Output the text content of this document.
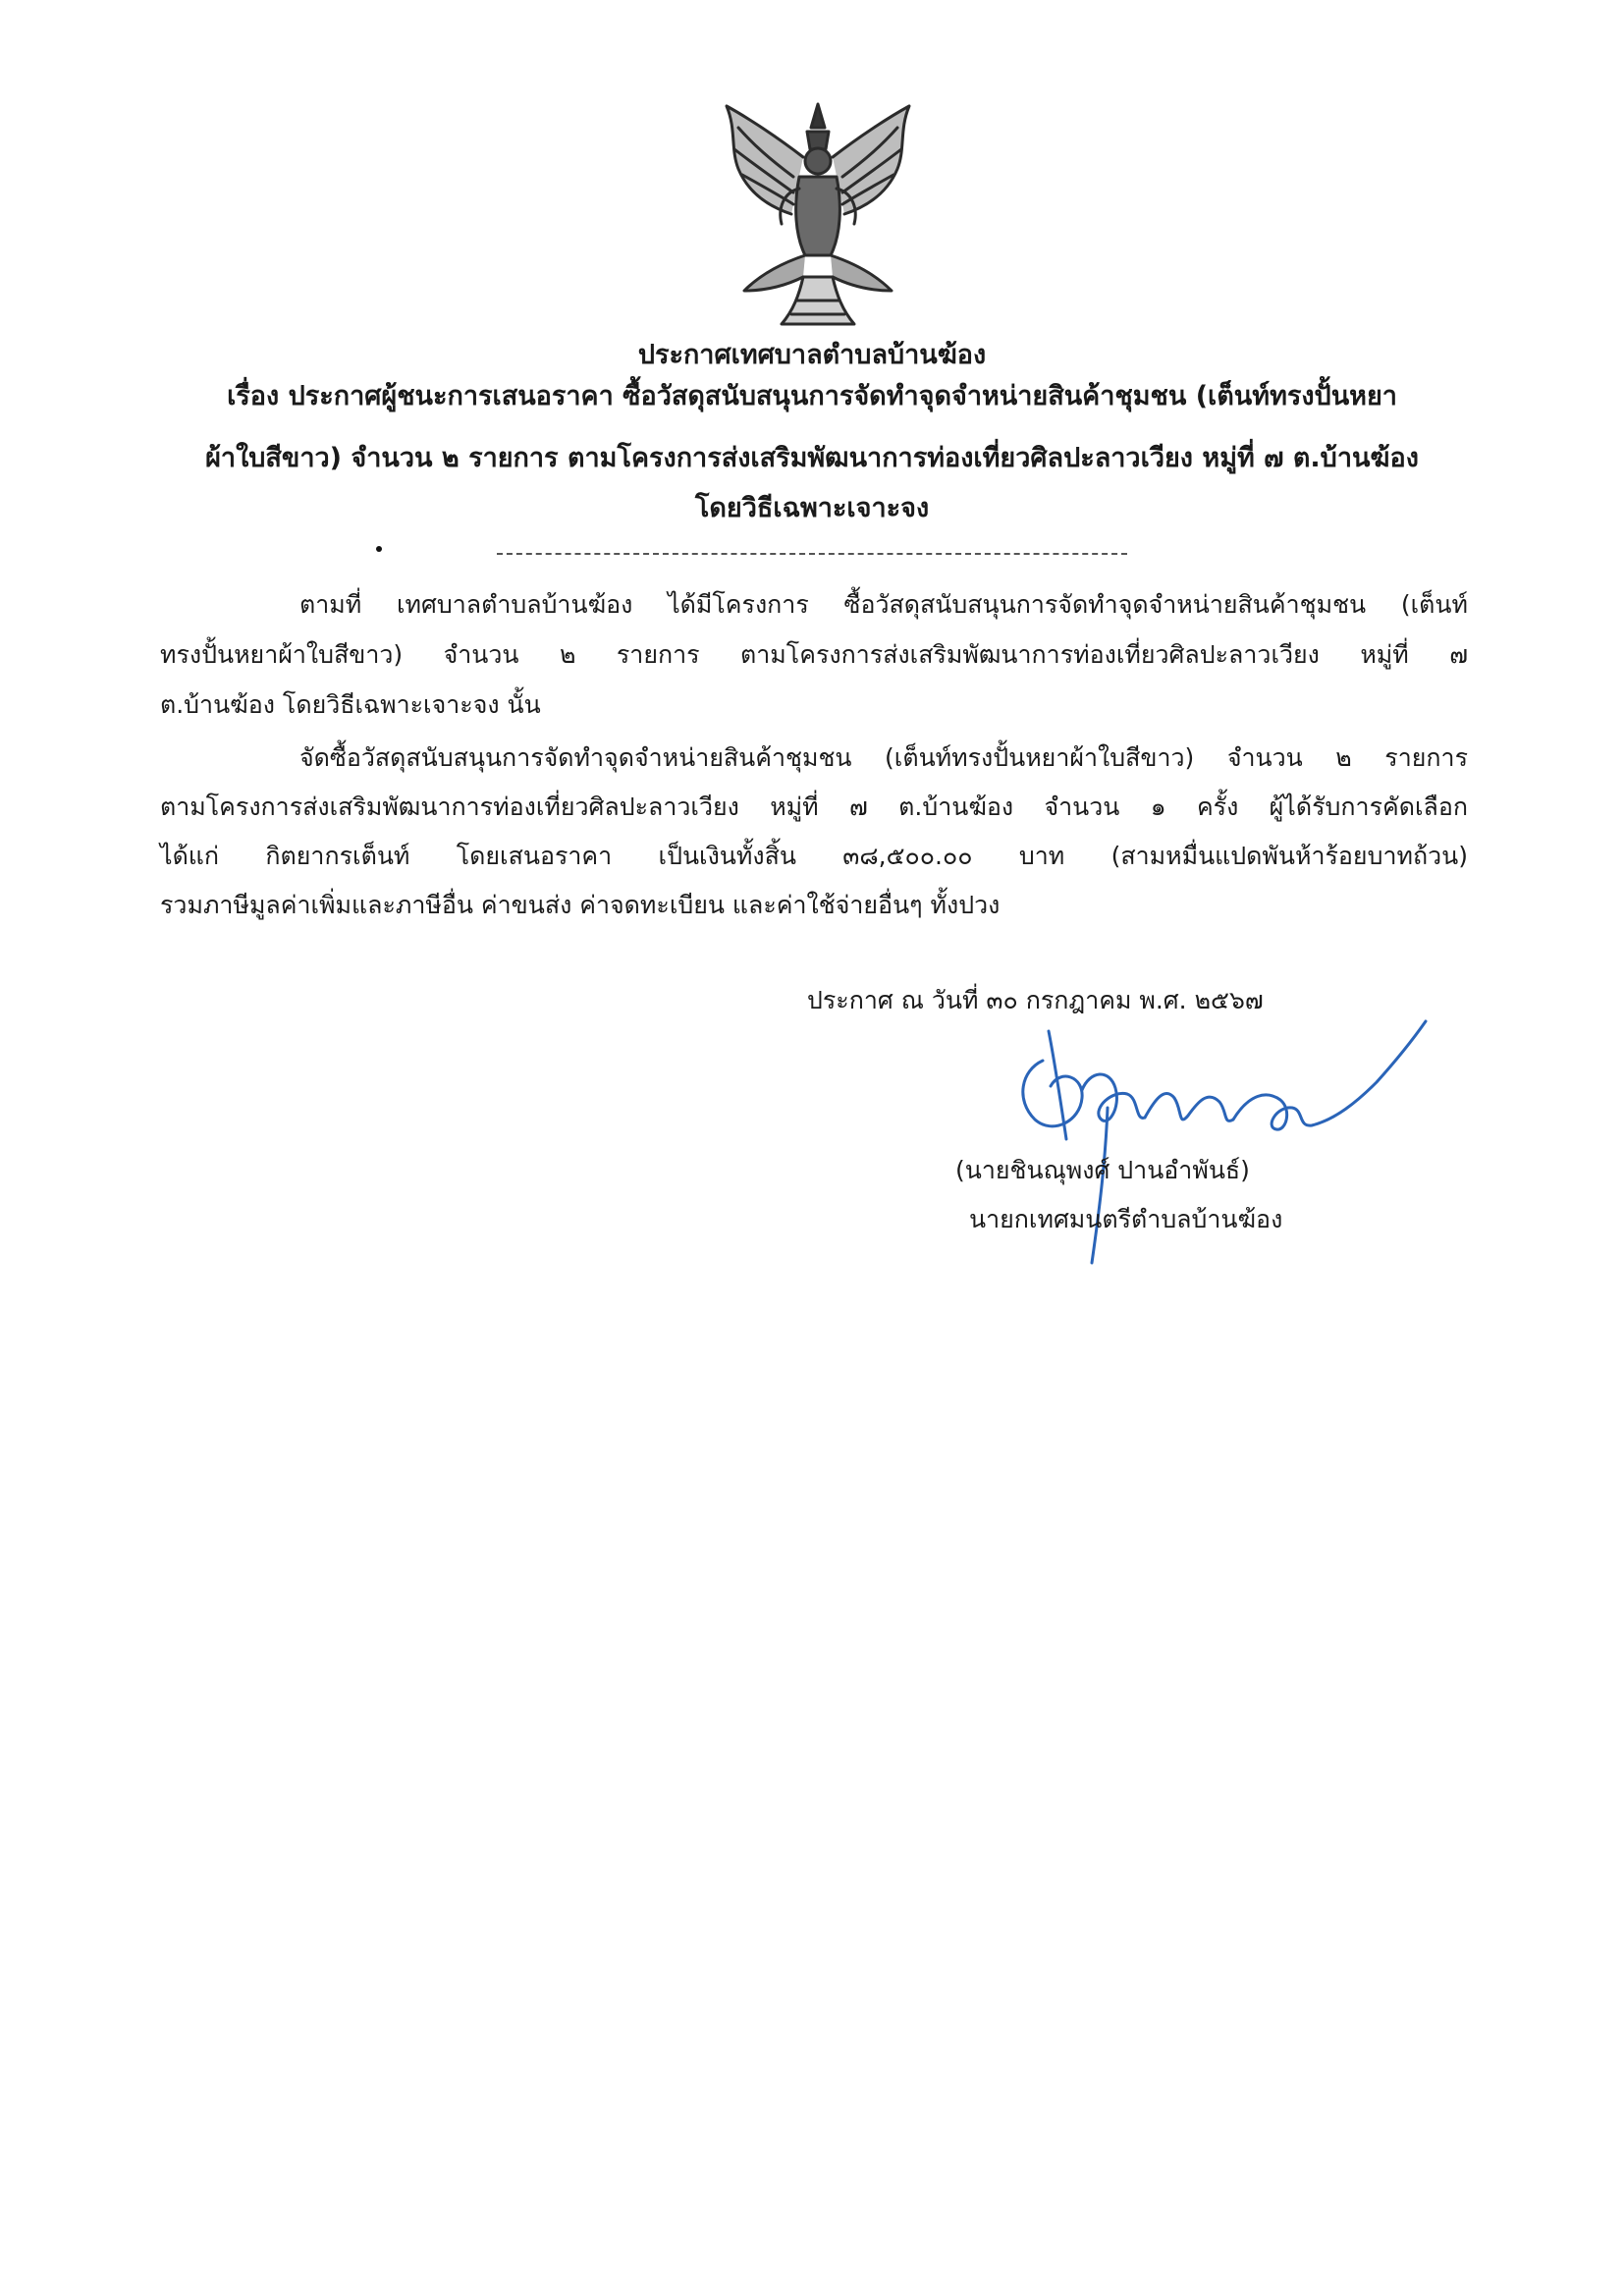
ประกาศเทศบาลตำบลบ้านฆ้อง
เรื่อง ประกาศผู้ชนะการเสนอราคา ซื้อวัสดุสนับสนุนการจัดทำจุดจำหน่ายสินค้าชุมชน (เต็นท์ทรงปั้นหยา
ผ้าใบสีขาว) จำนวน ๒ รายการ ตามโครงการส่งเสริมพัฒนาการท่องเที่ยวศิลปะลาวเวียง หมู่ที่ ๗ ต.บ้านฆ้อง
โดยวิธีเฉพาะเจาะจง
ตามที่ เทศบาลตำบลบ้านฆ้อง ได้มีโครงการ ซื้อวัสดุสนับสนุนการจัดทำจุดจำหน่ายสินค้าชุมชน (เต็นท์
ทรงปั้นหยาผ้าใบสีขาว) จำนวน ๒ รายการ ตามโครงการส่งเสริมพัฒนาการท่องเที่ยวศิลปะลาวเวียง หมู่ที่ ๗
ต.บ้านฆ้อง โดยวิธีเฉพาะเจาะจง นั้น
จัดซื้อวัสดุสนับสนุนการจัดทำจุดจำหน่ายสินค้าชุมชน (เต็นท์ทรงปั้นหยาผ้าใบสีขาว) จำนวน ๒ รายการ
ตามโครงการส่งเสริมพัฒนาการท่องเที่ยวศิลปะลาวเวียง หมู่ที่ ๗ ต.บ้านฆ้อง จำนวน ๑ ครั้ง ผู้ได้รับการคัดเลือก
ได้แก่ กิตยากรเต็นท์ โดยเสนอราคา เป็นเงินทั้งสิ้น ๓๘,๕๐๐.๐๐ บาท (สามหมื่นแปดพันห้าร้อยบาทถ้วน)
รวมภาษีมูลค่าเพิ่มและภาษีอื่น ค่าขนส่ง ค่าจดทะเบียน และค่าใช้จ่ายอื่นๆ ทั้งปวง
ประกาศ ณ วันที่ ๓๐ กรกฎาคม พ.ศ. ๒๕๖๗
(นายชินณุพงศ์ ปานอำพันธ์)
นายกเทศมนตรีตำบลบ้านฆ้อง
